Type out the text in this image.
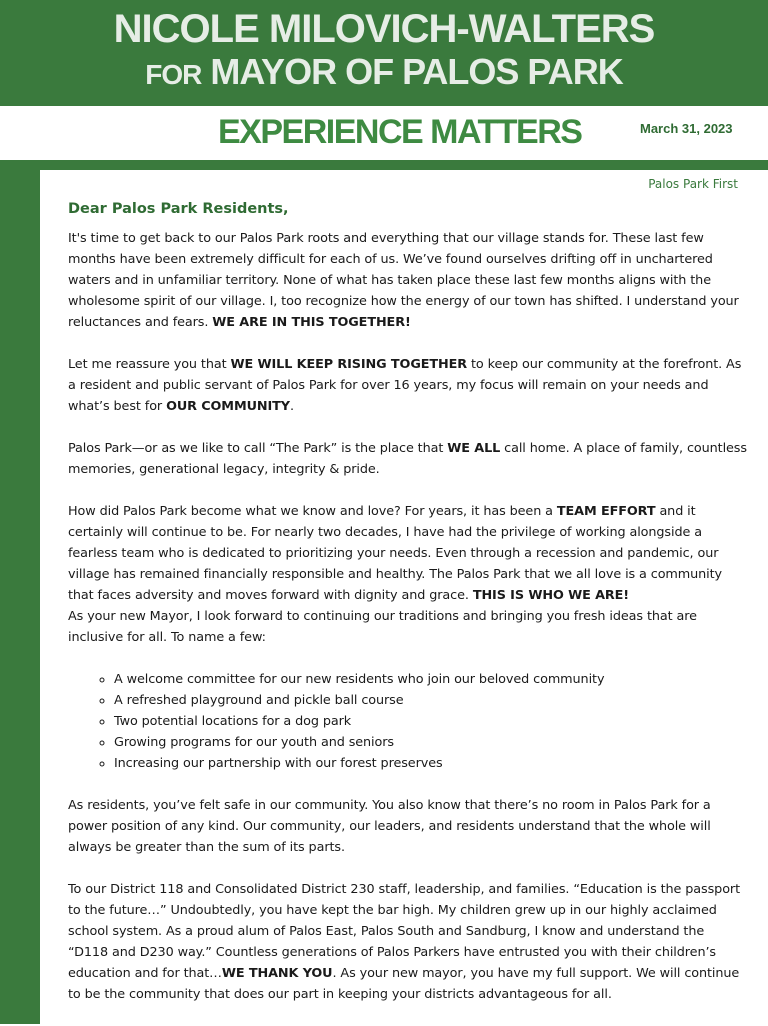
NICOLE MILOVICH-WALTERS
FOR MAYOR OF PALOS PARK
EXPERIENCE MATTERS	March 31, 2023
Palos Park First
Dear Palos Park Residents,

It's time to get back to our Palos Park roots and everything that our village stands for. These last few months have been extremely difficult for each of us. We’ve found ourselves drifting off in unchartered waters and in unfamiliar territory. None of what has taken place these last few months aligns with the wholesome spirit of our village. I, too recognize how the energy of our town has shifted. I understand your reluctances and fears. WE ARE IN THIS TOGETHER!

Let me reassure you that WE WILL KEEP RISING TOGETHER to keep our community at the forefront. As a resident and public servant of Palos Park for over 16 years, my focus will remain on your needs and what’s best for OUR COMMUNITY.

Palos Park—or as we like to call “The Park” is the place that WE ALL call home. A place of family, countless memories, generational legacy, integrity & pride.

How did Palos Park become what we know and love? For years, it has been a TEAM EFFORT and it certainly will continue to be. For nearly two decades, I have had the privilege of working alongside a fearless team who is dedicated to prioritizing your needs. Even through a recession and pandemic, our village has remained financially responsible and healthy. The Palos Park that we all love is a community that faces adversity and moves forward with dignity and grace. THIS IS WHO WE ARE!

As your new Mayor, I look forward to continuing our traditions and bringing you fresh ideas that are inclusive for all. To name a few:

◦ A welcome committee for our new residents who join our beloved community
◦ A refreshed playground and pickle ball course
◦ Two potential locations for a dog park
◦ Growing programs for our youth and seniors
◦ Increasing our partnership with our forest preserves

As residents, you’ve felt safe in our community. You also know that there’s no room in Palos Park for a power position of any kind. Our community, our leaders, and residents understand that the whole will always be greater than the sum of its parts.

To our District 118 and Consolidated District 230 staff, leadership, and families. “Education is the passport to the future…” Undoubtedly, you have kept the bar high. My children grew up in our highly acclaimed school system. As a proud alum of Palos East, Palos South and Sandburg, I know and understand the “D118 and D230 way.” Countless generations of Palos Parkers have entrusted you with their children’s education and for that…WE THANK YOU. As your new mayor, you have my full support. We will continue to be the community that does our part in keeping your districts advantageous for all.
